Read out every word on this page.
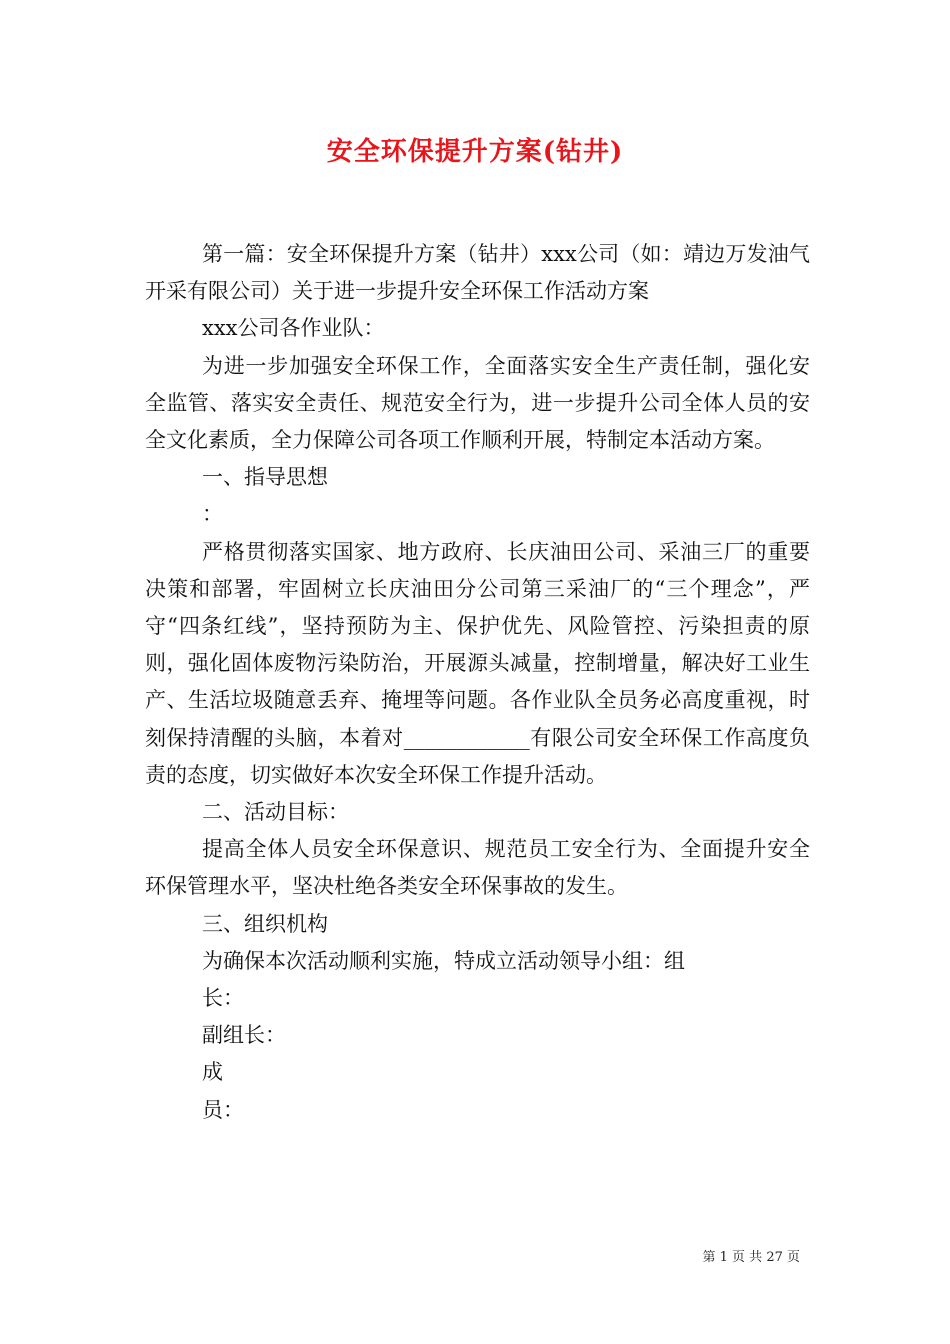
安全环保提升方案(钻井)

第一篇：安全环保提升方案（钻井）xxx公司（如：靖边万发油气开采有限公司）关于进一步提升安全环保工作活动方案

xxx公司各作业队：

为进一步加强安全环保工作，全面落实安全生产责任制，强化安全监管、落实安全责任、规范安全行为，进一步提升公司全体人员的安全文化素质，全力保障公司各项工作顺利开展，特制定本活动方案。

一、指导思想

：

严格贯彻落实国家、地方政府、长庆油田公司、采油三厂的重要决策和部署，牢固树立长庆油田分公司第三采油厂的“三个理念”，严守“四条红线”，坚持预防为主、保护优先、风险管控、污染担责的原则，强化固体废物污染防治，开展源头减量，控制增量，解决好工业生产、生活垃圾随意丢弃、掩埋等问题。各作业队全员务必高度重视，时刻保持清醒的头脑，本着对____________有限公司安全环保工作高度负责的态度，切实做好本次安全环保工作提升活动。

二、活动目标：

提高全体人员安全环保意识、规范员工安全行为、全面提升安全环保管理水平，坚决杜绝各类安全环保事故的发生。

三、组织机构

为确保本次活动顺利实施，特成立活动领导小组：组

长：

副组长：

成

员：

第 1 页 共 27 页
